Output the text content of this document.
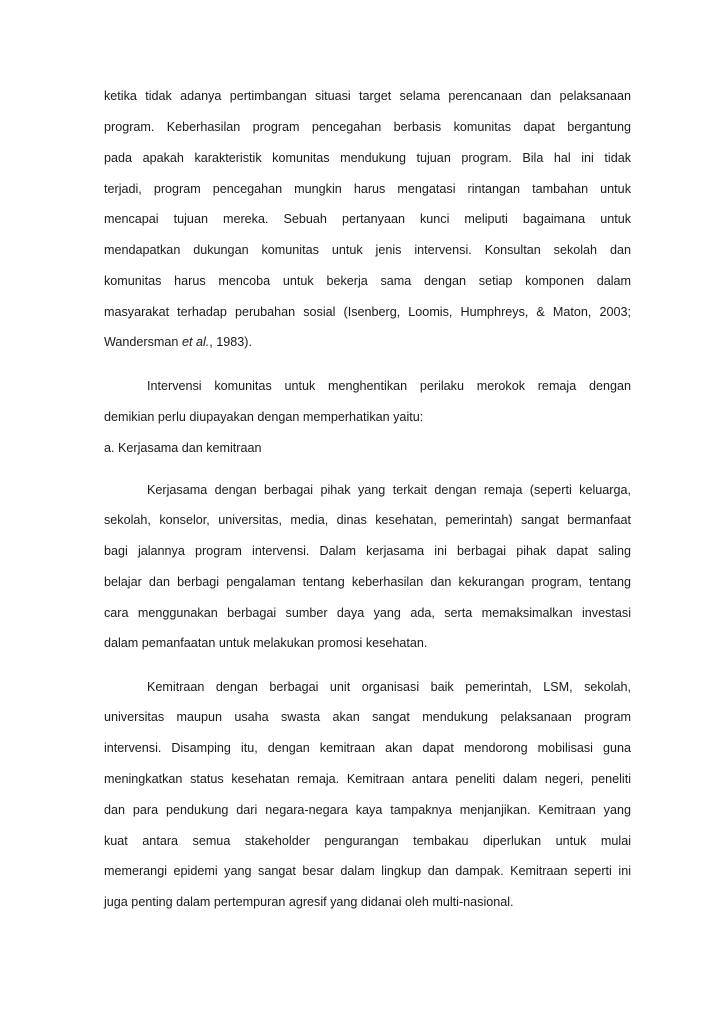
ketika tidak adanya pertimbangan situasi target selama perencanaan dan pelaksanaan
program. Keberhasilan program pencegahan berbasis komunitas dapat bergantung
pada apakah karakteristik komunitas mendukung tujuan program. Bila hal ini tidak
terjadi, program pencegahan mungkin harus mengatasi rintangan tambahan untuk
mencapai tujuan mereka. Sebuah pertanyaan kunci meliputi bagaimana untuk
mendapatkan dukungan komunitas untuk jenis intervensi. Konsultan sekolah dan
komunitas harus mencoba untuk bekerja sama dengan setiap komponen dalam
masyarakat terhadap perubahan sosial (Isenberg, Loomis, Humphreys, & Maton, 2003;
Wandersman et al., 1983).
Intervensi komunitas untuk menghentikan perilaku merokok remaja dengan
demikian perlu diupayakan dengan memperhatikan yaitu:
a. Kerjasama dan kemitraan
Kerjasama dengan berbagai pihak yang terkait dengan remaja (seperti keluarga,
sekolah, konselor, universitas, media, dinas kesehatan, pemerintah) sangat bermanfaat
bagi jalannya program intervensi. Dalam kerjasama ini berbagai pihak dapat saling
belajar dan berbagi pengalaman tentang keberhasilan dan kekurangan program, tentang
cara menggunakan berbagai sumber daya yang ada, serta memaksimalkan investasi
dalam pemanfaatan untuk melakukan promosi kesehatan.
Kemitraan dengan berbagai unit organisasi baik pemerintah, LSM, sekolah,
universitas maupun usaha swasta akan sangat mendukung pelaksanaan program
intervensi. Disamping itu, dengan kemitraan akan dapat mendorong mobilisasi guna
meningkatkan status kesehatan remaja. Kemitraan antara peneliti dalam negeri, peneliti
dan para pendukung dari negara-negara kaya tampaknya menjanjikan. Kemitraan yang
kuat antara semua stakeholder pengurangan tembakau diperlukan untuk mulai
memerangi epidemi yang sangat besar dalam lingkup dan dampak. Kemitraan seperti ini
juga penting dalam pertempuran agresif yang didanai oleh multi-nasional.
